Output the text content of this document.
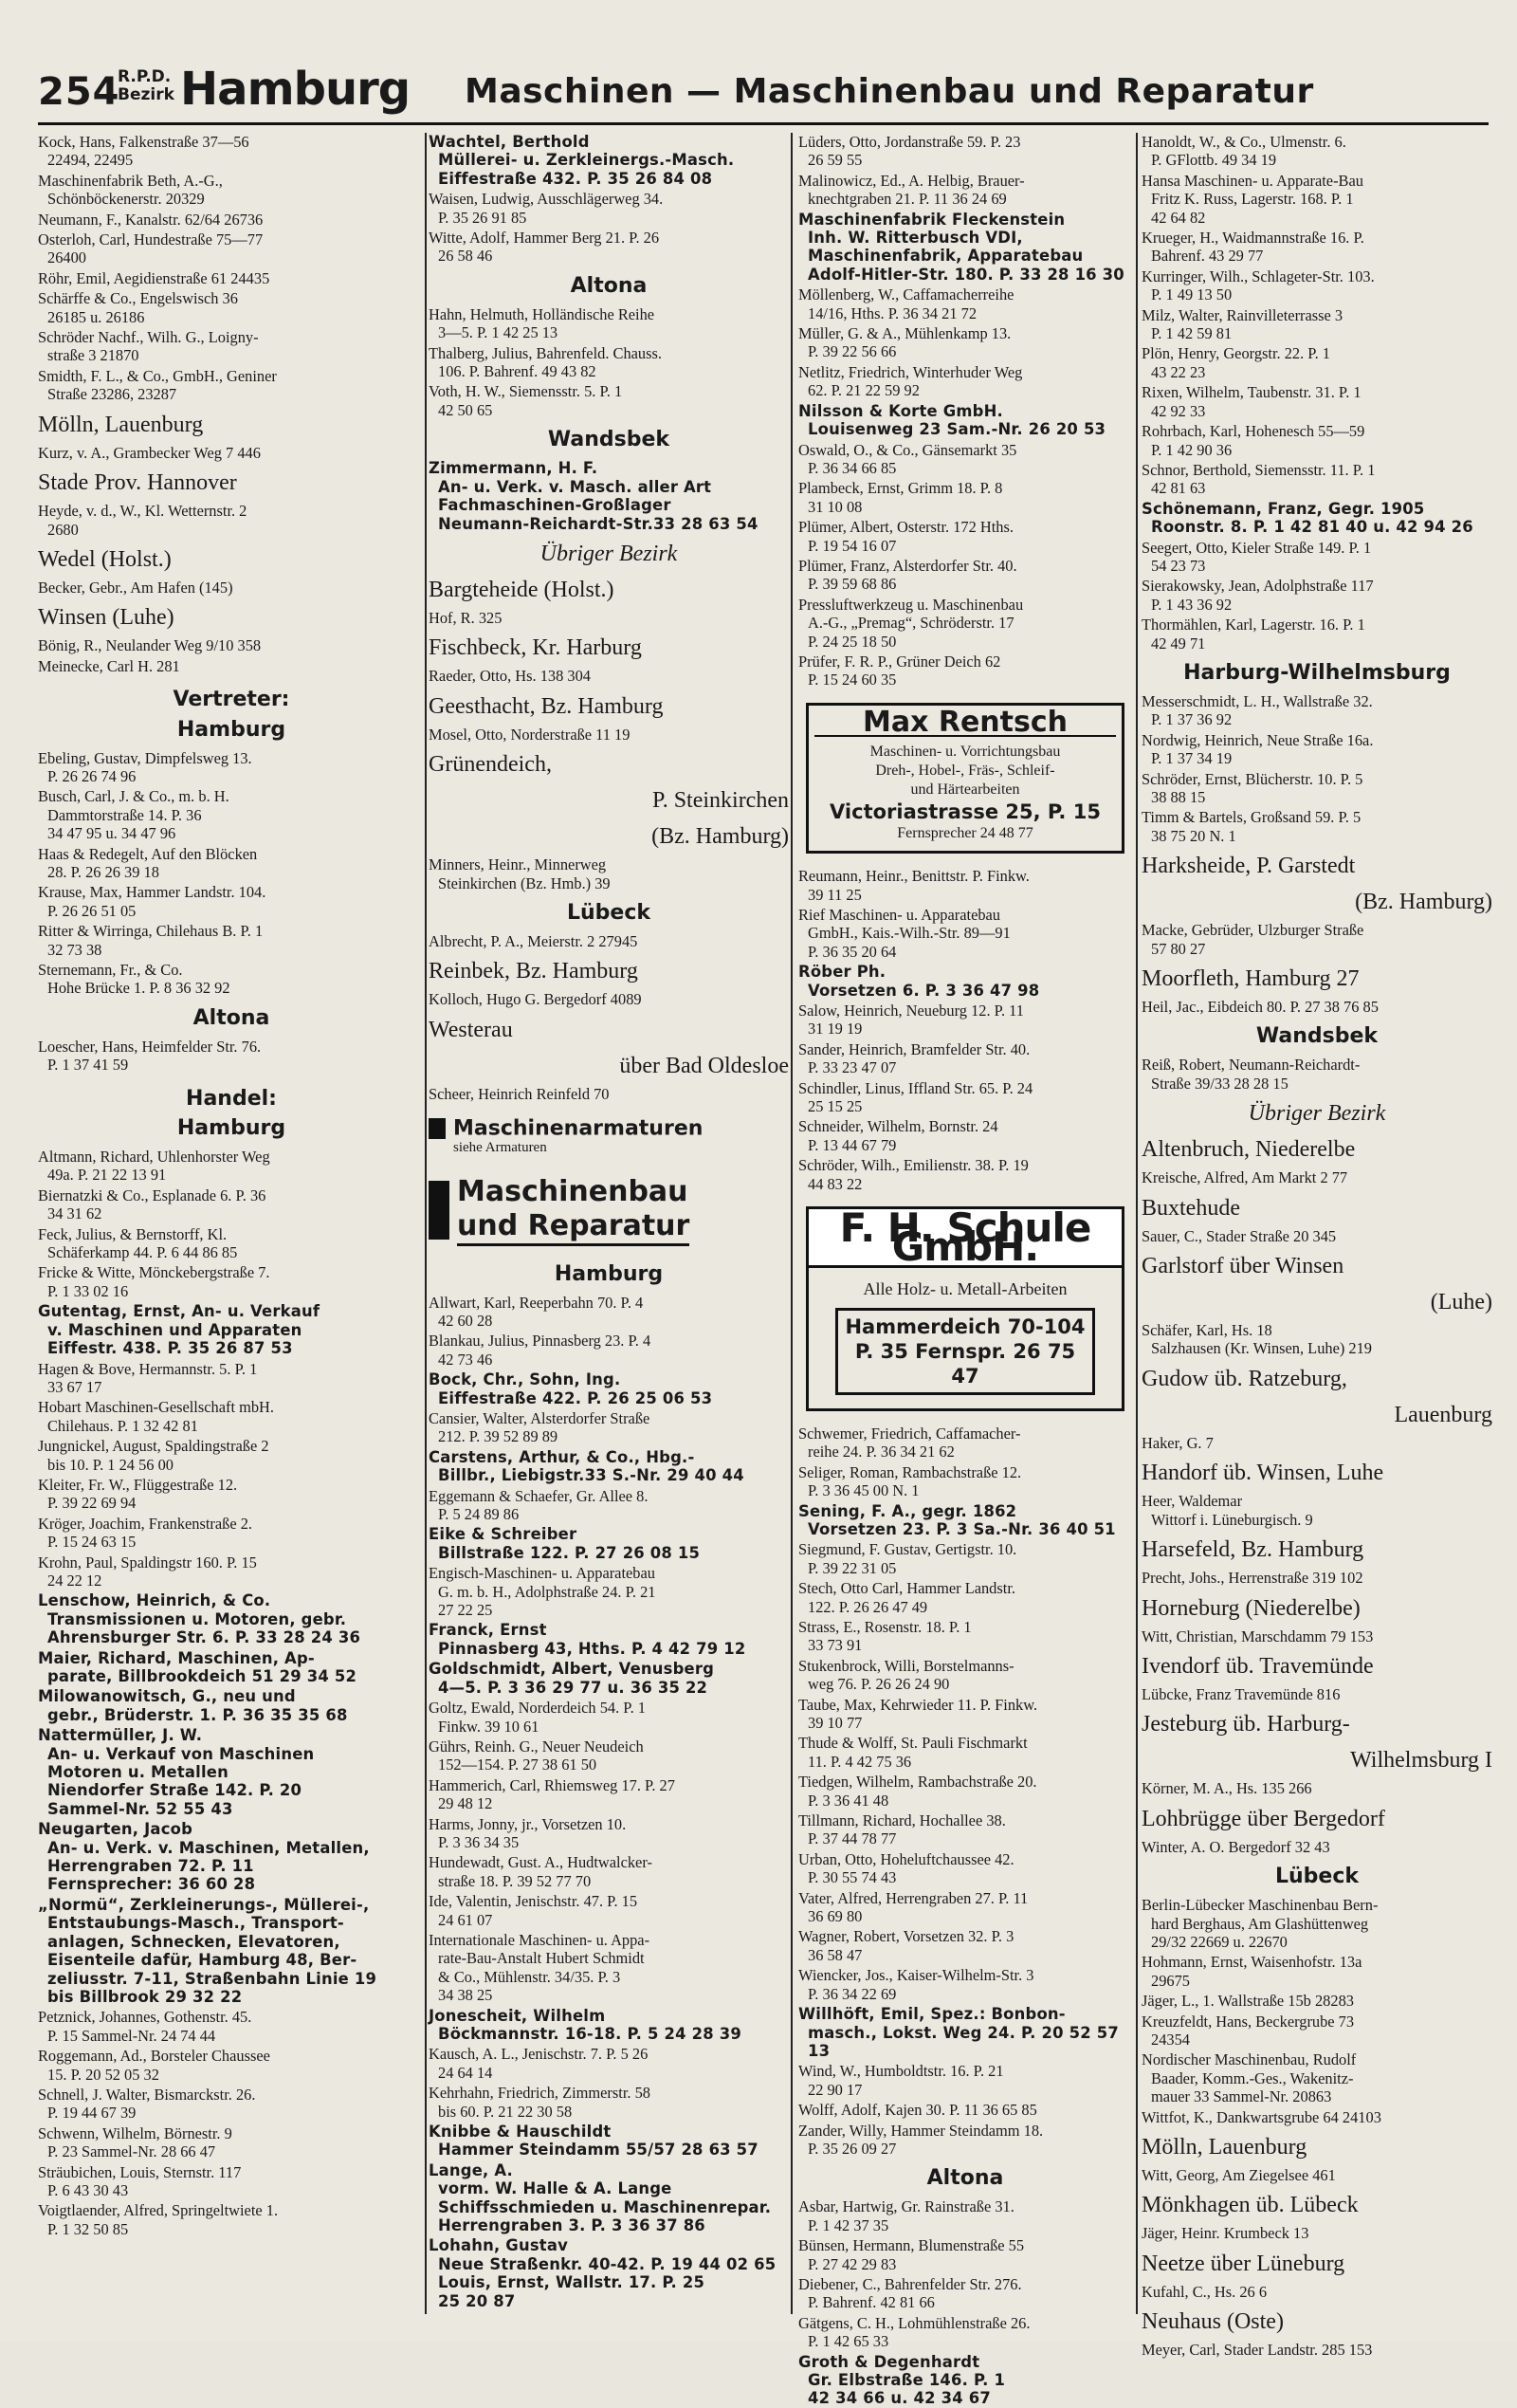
254
R.P.D.
Bezirk Hamburg Maschinen — Maschinenbau und Reparatur
Kock, Hans, Falkenstraße 37—56
22494, 22495
Maschinenfabrik Beth, A.-G.,
Schönböckenerstr. 20329
Neumann, F., Kanalstr. 62/64 26736
Osterloh, Carl, Hundestraße 75—77
26400
Röhr, Emil, Aegidienstraße 61 24435
Schärffe & Co., Engelswisch 36
26185 u. 26186
Schröder Nachf., Wilh. G., Loigny-
straße 3 21870
Smidth, F. L., & Co., GmbH., Geniner
Straße 23286, 23287
Mölln, Lauenburg
Kurz, v. A., Grambecker Weg 7 446
Stade Prov. Hannover
Heyde, v. d., W., Kl. Wetternstr. 2
2680
Wedel (Holst.)
Becker, Gebr., Am Hafen (145)
Winsen (Luhe)
Bönig, R., Neulander Weg 9/10 358
Meinecke, Carl H. 281
Vertreter:
Hamburg
Ebeling, Gustav, Dimpfelsweg 13.
P. 26 26 74 96
Busch, Carl, J. & Co., m. b. H.
Dammtorstraße 14. P. 36
34 47 95 u. 34 47 96
Haas & Redegelt, Auf den Blöcken
28. P. 26 26 39 18
Krause, Max, Hammer Landstr. 104.
P. 26 26 51 05
Ritter & Wirringa, Chilehaus B. P. 1
32 73 38
Sternemann, Fr., & Co.
Hohe Brücke 1. P. 8 36 32 92
Altona
Loescher, Hans, Heimfelder Str. 76.
P. 1 37 41 59
Handel:
Hamburg
Altmann, Richard, Uhlenhorster Weg
49a. P. 21 22 13 91
Biernatzki & Co., Esplanade 6. P. 36
34 31 62
Feck, Julius, & Bernstorff, Kl.
Schäferkamp 44. P. 6 44 86 85
Fricke & Witte, Mönckebergstraße 7.
P. 1 33 02 16
Gutentag, Ernst, An- u. Verkauf
v. Maschinen und Apparaten
Eiffestr. 438. P. 35 26 87 53
Hagen & Bove, Hermannstr. 5. P. 1
33 67 17
Hobart Maschinen-Gesellschaft mbH.
Chilehaus. P. 1 32 42 81
Jungnickel, August, Spaldingstraße 2
bis 10. P. 1 24 56 00
Kleiter, Fr. W., Flüggestraße 12.
P. 39 22 69 94
Kröger, Joachim, Frankenstraße 2.
P. 15 24 63 15
Krohn, Paul, Spaldingstr 160. P. 15
24 22 12
Lenschow, Heinrich, & Co.
Transmissionen u. Motoren, gebr.
Ahrensburger Str. 6. P. 33 28 24 36
Maier, Richard, Maschinen, Ap-
parate, Billbrookdeich 51 29 34 52
Milowanowitsch, G., neu und
gebr., Brüderstr. 1. P. 36 35 35 68
Nattermüller, J. W.
An- u. Verkauf von Maschinen
Motoren u. Metallen
Niendorfer Straße 142. P. 20
Sammel-Nr. 52 55 43
Neugarten, Jacob
An- u. Verk. v. Maschinen, Metallen,
Herrengraben 72. P. 11
Fernsprecher: 36 60 28
„Normü“, Zerkleinerungs-, Müllerei-,
Entstaubungs-Masch., Transport-
anlagen, Schnecken, Elevatoren,
Eisenteile dafür, Hamburg 48, Ber-
zeliusstr. 7-11, Straßenbahn Linie 19
bis Billbrook 29 32 22
Petznick, Johannes, Gothenstr. 45.
P. 15 Sammel-Nr. 24 74 44
Roggemann, Ad., Borsteler Chaussee
15. P. 20 52 05 32
Schnell, J. Walter, Bismarckstr. 26.
P. 19 44 67 39
Schwenn, Wilhelm, Börnestr. 9
P. 23 Sammel-Nr. 28 66 47
Sträubichen, Louis, Sternstr. 117
P. 6 43 30 43
Voigtlaender, Alfred, Springeltwiete 1.
P. 1 32 50 85
Wachtel, Berthold
Müllerei- u. Zerkleinergs.-Masch.
Eiffestraße 432. P. 35 26 84 08
Waisen, Ludwig, Ausschlägerweg 34.
P. 35 26 91 85
Witte, Adolf, Hammer Berg 21. P. 26
26 58 46
Altona
Hahn, Helmuth, Holländische Reihe
3—5. P. 1 42 25 13
Thalberg, Julius, Bahrenfeld. Chauss.
106. P. Bahrenf. 49 43 82
Voth, H. W., Siemensstr. 5. P. 1
42 50 65
Wandsbek
Zimmermann, H. F.
An- u. Verk. v. Masch. aller Art
Fachmaschinen-Großlager
Neumann-Reichardt-Str.33 28 63 54
Übriger Bezirk
Bargteheide (Holst.)
Hof, R. 325
Fischbeck, Kr. Harburg
Raeder, Otto, Hs. 138 304
Geesthacht, Bz. Hamburg
Mosel, Otto, Norderstraße 11 19
Grünendeich,
P. Steinkirchen
(Bz. Hamburg)
Minners, Heinr., Minnerweg
Steinkirchen (Bz. Hmb.) 39
Lübeck
Albrecht, P. A., Meierstr. 2 27945
Reinbek, Bz. Hamburg
Kolloch, Hugo G. Bergedorf 4089
Westerau
über Bad Oldesloe
Scheer, Heinrich Reinfeld 70
Maschinenarmaturen
siehe Armaturen
Maschinenbau
und Reparatur
Hamburg
Allwart, Karl, Reeperbahn 70. P. 4
42 60 28
Blankau, Julius, Pinnasberg 23. P. 4
42 73 46
Bock, Chr., Sohn, Ing.
Eiffestraße 422. P. 26 25 06 53
Cansier, Walter, Alsterdorfer Straße
212. P. 39 52 89 89
Carstens, Arthur, & Co., Hbg.-
Billbr., Liebigstr.33 S.-Nr. 29 40 44
Eggemann & Schaefer, Gr. Allee 8.
P. 5 24 89 86
Eike & Schreiber
Billstraße 122. P. 27 26 08 15
Engisch-Maschinen- u. Apparatebau
G. m. b. H., Adolphstraße 24. P. 21
27 22 25
Franck, Ernst
Pinnasberg 43, Hths. P. 4 42 79 12
Goldschmidt, Albert, Venusberg
4—5. P. 3 36 29 77 u. 36 35 22
Goltz, Ewald, Norderdeich 54. P. 1
Finkw. 39 10 61
Gührs, Reinh. G., Neuer Neudeich
152—154. P. 27 38 61 50
Hammerich, Carl, Rhiemsweg 17. P. 27
29 48 12
Harms, Jonny, jr., Vorsetzen 10.
P. 3 36 34 35
Hundewadt, Gust. A., Hudtwalcker-
straße 18. P. 39 52 77 70
Ide, Valentin, Jenischstr. 47. P. 15
24 61 07
Internationale Maschinen- u. Appa-
rate-Bau-Anstalt Hubert Schmidt
& Co., Mühlenstr. 34/35. P. 3
34 38 25
Jonescheit, Wilhelm
Böckmannstr. 16-18. P. 5 24 28 39
Kausch, A. L., Jenischstr. 7. P. 5 26
24 64 14
Kehrhahn, Friedrich, Zimmerstr. 58
bis 60. P. 21 22 30 58
Knibbe & Hauschildt
Hammer Steindamm 55/57 28 63 57
Lange, A.
vorm. W. Halle & A. Lange
Schiffsschmieden u. Maschinenrepar.
Herrengraben 3. P. 3 36 37 86
Lohahn, Gustav
Neue Straßenkr. 40-42. P. 19 44 02 65
Louis, Ernst, Wallstr. 17. P. 25
25 20 87
Lüders, Otto, Jordanstraße 59. P. 23
26 59 55
Malinowicz, Ed., A. Helbig, Brauer-
knechtgraben 21. P. 11 36 24 69
Maschinenfabrik Fleckenstein
Inh. W. Ritterbusch VDI,
Maschinenfabrik, Apparatebau
Adolf-Hitler-Str. 180. P. 33 28 16 30
Möllenberg, W., Caffamacherreihe
14/16, Hths. P. 36 34 21 72
Müller, G. & A., Mühlenkamp 13.
P. 39 22 56 66
Netlitz, Friedrich, Winterhuder Weg
62. P. 21 22 59 92
Nilsson & Korte GmbH.
Louisenweg 23 Sam.-Nr. 26 20 53
Oswald, O., & Co., Gänsemarkt 35
P. 36 34 66 85
Plambeck, Ernst, Grimm 18. P. 8
31 10 08
Plümer, Albert, Osterstr. 172 Hths.
P. 19 54 16 07
Plümer, Franz, Alsterdorfer Str. 40.
P. 39 59 68 86
Pressluftwerkzeug u. Maschinenbau
A.-G., „Premag“, Schröderstr. 17
P. 24 25 18 50
Prüfer, F. R. P., Grüner Deich 62
P. 15 24 60 35
Max Rentsch
Maschinen- u. Vorrichtungsbau
Dreh-, Hobel-, Fräs-, Schleif-
und Härtearbeiten
Victoriastrasse 25, P. 15
Fernsprecher 24 48 77
Reumann, Heinr., Benittstr. P. Finkw.
39 11 25
Rief Maschinen- u. Apparatebau
GmbH., Kais.-Wilh.-Str. 89—91
P. 36 35 20 64
Röber Ph.
Vorsetzen 6. P. 3 36 47 98
Salow, Heinrich, Neueburg 12. P. 11
31 19 19
Sander, Heinrich, Bramfelder Str. 40.
P. 33 23 47 07
Schindler, Linus, Iffland Str. 65. P. 24
25 15 25
Schneider, Wilhelm, Bornstr. 24
P. 13 44 67 79
Schröder, Wilh., Emilienstr. 38. P. 19
44 83 22
F. H. Schule GmbH.
Alle Holz- u. Metall-Arbeiten
Hammerdeich 70-104
P. 35 Fernspr. 26 75 47
Schwemer, Friedrich, Caffamacher-
reihe 24. P. 36 34 21 62
Seliger, Roman, Rambachstraße 12.
P. 3 36 45 00 N. 1
Sening, F. A., gegr. 1862
Vorsetzen 23. P. 3 Sa.-Nr. 36 40 51
Siegmund, F. Gustav, Gertigstr. 10.
P. 39 22 31 05
Stech, Otto Carl, Hammer Landstr.
122. P. 26 26 47 49
Strass, E., Rosenstr. 18. P. 1
33 73 91
Stukenbrock, Willi, Borstelmanns-
weg 76. P. 26 26 24 90
Taube, Max, Kehrwieder 11. P. Finkw.
39 10 77
Thude & Wolff, St. Pauli Fischmarkt
11. P. 4 42 75 36
Tiedgen, Wilhelm, Rambachstraße 20.
P. 3 36 41 48
Tillmann, Richard, Hochallee 38.
P. 37 44 78 77
Urban, Otto, Hoheluftchaussee 42.
P. 30 55 74 43
Vater, Alfred, Herrengraben 27. P. 11
36 69 80
Wagner, Robert, Vorsetzen 32. P. 3
36 58 47
Wiencker, Jos., Kaiser-Wilhelm-Str. 3
P. 36 34 22 69
Willhöft, Emil, Spez.: Bonbon-
masch., Lokst. Weg 24. P. 20 52 57 13
Wind, W., Humboldtstr. 16. P. 21
22 90 17
Wolff, Adolf, Kajen 30. P. 11 36 65 85
Zander, Willy, Hammer Steindamm 18.
P. 35 26 09 27
Altona
Asbar, Hartwig, Gr. Rainstraße 31.
P. 1 42 37 35
Bünsen, Hermann, Blumenstraße 55
P. 27 42 29 83
Diebener, C., Bahrenfelder Str. 276.
P. Bahrenf. 42 81 66
Gätgens, C. H., Lohmühlenstraße 26.
P. 1 42 65 33
Groth & Degenhardt
Gr. Elbstraße 146. P. 1
42 34 66 u. 42 34 67
Hanoldt, W., & Co., Ulmenstr. 6.
P. GFlottb. 49 34 19
Hansa Maschinen- u. Apparate-Bau
Fritz K. Russ, Lagerstr. 168. P. 1
42 64 82
Krueger, H., Waidmannstraße 16. P.
Bahrenf. 43 29 77
Kurringer, Wilh., Schlageter-Str. 103.
P. 1 49 13 50
Milz, Walter, Rainvilleterrasse 3
P. 1 42 59 81
Plön, Henry, Georgstr. 22. P. 1
43 22 23
Rixen, Wilhelm, Taubenstr. 31. P. 1
42 92 33
Rohrbach, Karl, Hohenesch 55—59
P. 1 42 90 36
Schnor, Berthold, Siemensstr. 11. P. 1
42 81 63
Schönemann, Franz, Gegr. 1905
Roonstr. 8. P. 1 42 81 40 u. 42 94 26
Seegert, Otto, Kieler Straße 149. P. 1
54 23 73
Sierakowsky, Jean, Adolphstraße 117
P. 1 43 36 92
Thormählen, Karl, Lagerstr. 16. P. 1
42 49 71
Harburg-Wilhelmsburg
Messerschmidt, L. H., Wallstraße 32.
P. 1 37 36 92
Nordwig, Heinrich, Neue Straße 16a.
P. 1 37 34 19
Schröder, Ernst, Blücherstr. 10. P. 5
38 88 15
Timm & Bartels, Großsand 59. P. 5
38 75 20 N. 1
Harksheide, P. Garstedt
(Bz. Hamburg)
Macke, Gebrüder, Ulzburger Straße
57 80 27
Moorfleth, Hamburg 27
Heil, Jac., Eibdeich 80. P. 27 38 76 85
Wandsbek
Reiß, Robert, Neumann-Reichardt-
Straße 39/33 28 28 15
Übriger Bezirk
Altenbruch, Niederelbe
Kreische, Alfred, Am Markt 2 77
Buxtehude
Sauer, C., Stader Straße 20 345
Garlstorf über Winsen
(Luhe)
Schäfer, Karl, Hs. 18
Salzhausen (Kr. Winsen, Luhe) 219
Gudow üb. Ratzeburg,
Lauenburg
Haker, G. 7
Handorf üb. Winsen, Luhe
Heer, Waldemar
Wittorf i. Lüneburgisch. 9
Harsefeld, Bz. Hamburg
Precht, Johs., Herrenstraße 319 102
Horneburg (Niederelbe)
Witt, Christian, Marschdamm 79 153
Ivendorf üb. Travemünde
Lübcke, Franz Travemünde 816
Jesteburg üb. Harburg-
Wilhelmsburg I
Körner, M. A., Hs. 135 266
Lohbrügge über Bergedorf
Winter, A. O. Bergedorf 32 43
Lübeck
Berlin-Lübecker Maschinenbau Bern-
hard Berghaus, Am Glashüttenweg
29/32 22669 u. 22670
Hohmann, Ernst, Waisenhofstr. 13a
29675
Jäger, L., 1. Wallstraße 15b 28283
Kreuzfeldt, Hans, Beckergrube 73
24354
Nordischer Maschinenbau, Rudolf
Baader, Komm.-Ges., Wakenitz-
mauer 33 Sammel-Nr. 20863
Wittfot, K., Dankwartsgrube 64 24103
Mölln, Lauenburg
Witt, Georg, Am Ziegelsee 461
Mönkhagen üb. Lübeck
Jäger, Heinr. Krumbeck 13
Neetze über Lüneburg
Kufahl, C., Hs. 26 6
Neuhaus (Oste)
Meyer, Carl, Stader Landstr. 285 153
